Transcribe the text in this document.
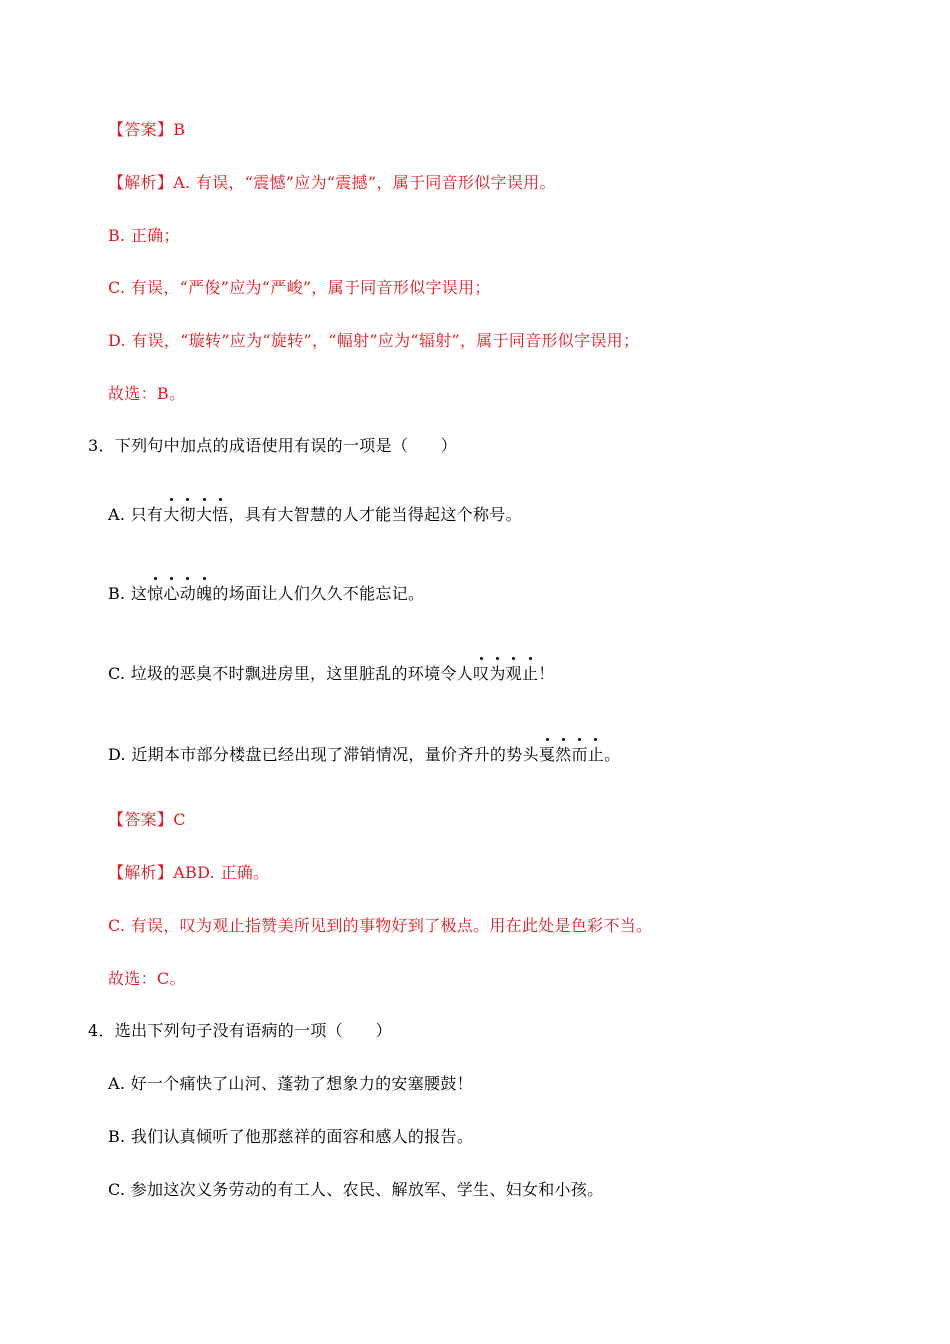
【答案】B
【解析】A. 有误，“震憾”应为“震撼”，属于同音形似字误用。
B. 正确；
C. 有误，“严俊”应为“严峻”，属于同音形似字误用；
D. 有误，“璇转”应为“旋转”，“幅射”应为“辐射”，属于同音形似字误用；
故选：B。
3．下列句中加点的成语使用有误的一项是（　　）
A. 只有大彻大悟，具有大智慧的人才能当得起这个称号。
B. 这惊心动魄的场面让人们久久不能忘记。
C. 垃圾的恶臭不时飘进房里，这里脏乱的环境令人叹为观止！
D. 近期本市部分楼盘已经出现了滞销情况，量价齐升的势头戛然而止。
【答案】C
【解析】ABD. 正确。
C. 有误，叹为观止指赞美所见到的事物好到了极点。用在此处是色彩不当。
故选：C。
4．选出下列句子没有语病的一项（　　）
A. 好一个痛快了山河、蓬勃了想象力的安塞腰鼓！
B. 我们认真倾听了他那慈祥的面容和感人的报告。
C. 参加这次义务劳动的有工人、农民、解放军、学生、妇女和小孩。
